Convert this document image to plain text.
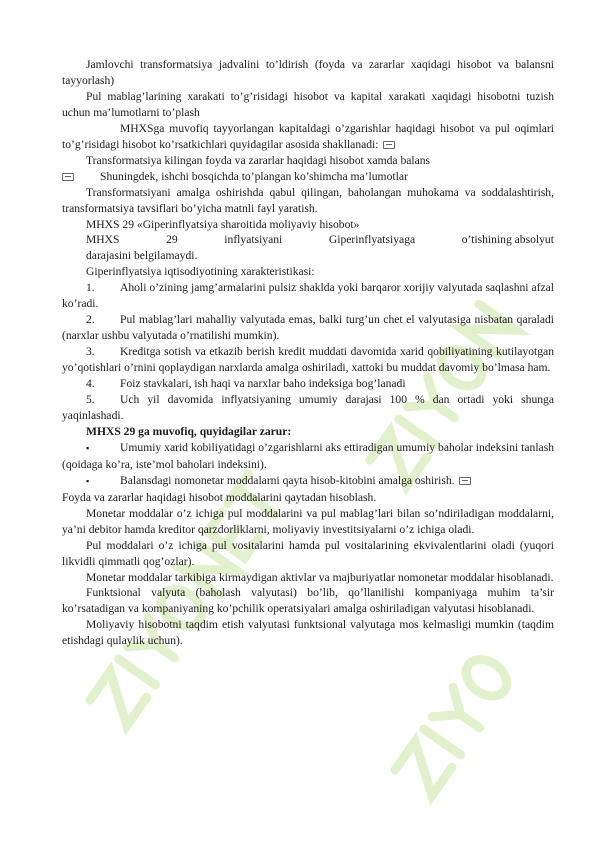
Jamlovchi transformatsiya jadvalini to’ldirish (foyda va zararlar xaqidagi hisobot va balansni tayyorlash)

Pul mablag’larining xarakati to’g’risidagi hisobot va kapital xarakati xaqidagi hisobotni tuzish uchun ma’lumotlarni to’plash

MHXSga muvofiq tayyorlangan kapitaldagi o’zgarishlar haqidagi hisobot va pul oqimlari to’g’risidagi hisobot ko’rsatkichlari quyidagilar asosida shakllanadi:

Transformatsiya kilingan foyda va zararlar haqidagi hisobot xamda balans

Shuningdek, ishchi bosqichda to’plangan ko’shimcha ma’lumotlar

Transformatsiyani amalga oshirishda qabul qilingan, baholangan muhokama va soddalashtirish, transformatsiya tavsiflari bo’yicha matnli fayl yaratish.

MHXS 29 «Giperinflyatsiya sharoitida moliyaviy hisobot»

MHXS	29	inflyatsiyani	Giperinflyatsiyaga	o’tishining absolyut

darajasini belgilamaydi.

Giperinflyatsiya iqtisodiyotining xarakteristikasi:

1. Aholi o’zining jamg’armalarini pulsiz shaklda yoki barqaror xorijiy valyutada saqlashni afzal ko’radi.

2. Pul mablag’lari mahalliy valyutada emas, balki turg’un chet el valyutasiga nisbatan qaraladi (narxlar ushbu valyutada o’rnatilishi mumkin).

3. Kreditga sotish va etkazib berish kredit muddati davomida xarid qobiliyatining kutilayotgan yo’qotishlari o’rnini qoplaydigan narxlarda amalga oshiriladi, xattoki bu muddat davomiy bo’lmasa ham.

4. Foiz stavkalari, ish haqi va narxlar baho indeksiga bog’lanadi

5. Uch yil davomida inflyatsiyaning umumiy darajasi 100 % dan ortadi yoki shunga yaqinlashadi.

MHXS 29 ga muvofiq, quyidagilar zarur:

▪	Umumiy xarid kobiliyatidagi o’zgarishlarni aks ettiradigan umumiy baholar indeksini tanlash (qoidaga ko’ra, iste’mol baholari indeksini).

▪	Balansdagi nomonetar moddalarni qayta hisob-kitobini amalga oshirish.

Foyda va zararlar haqidagi hisobot moddalarini qaytadan hisoblash.

Monetar moddalar o’z ichiga pul moddalarini va pul mablag’lari bilan so’ndiriladigan moddalarni, ya’ni debitor hamda kreditor qarzdorliklarni, moliyaviy investitsiyalarni o’z ichiga oladi.

Pul moddalari o’z ichiga pul vositalarini hamda pul vositalarining ekvivalentlarini oladi (yuqori likvidli qimmatli qog’ozlar).

Monetar moddalar tarkibiga kirmaydigan aktivlar va majburiyatlar nomonetar moddalar hisoblanadi.

Funktsional valyuta (baholash valyutasi) bo’lib, qo’llanilishi kompaniyaga muhim ta’sir ko’rsatadigan va kompaniyaning ko’pchilik operatsiyalari amalga oshiriladigan valyutasi hisoblanadi.

Moliyaviy hisobotni taqdim etish valyutasi funktsional valyutaga mos kelmasligi mumkin (taqdim etishdagi qulaylik uchun).
